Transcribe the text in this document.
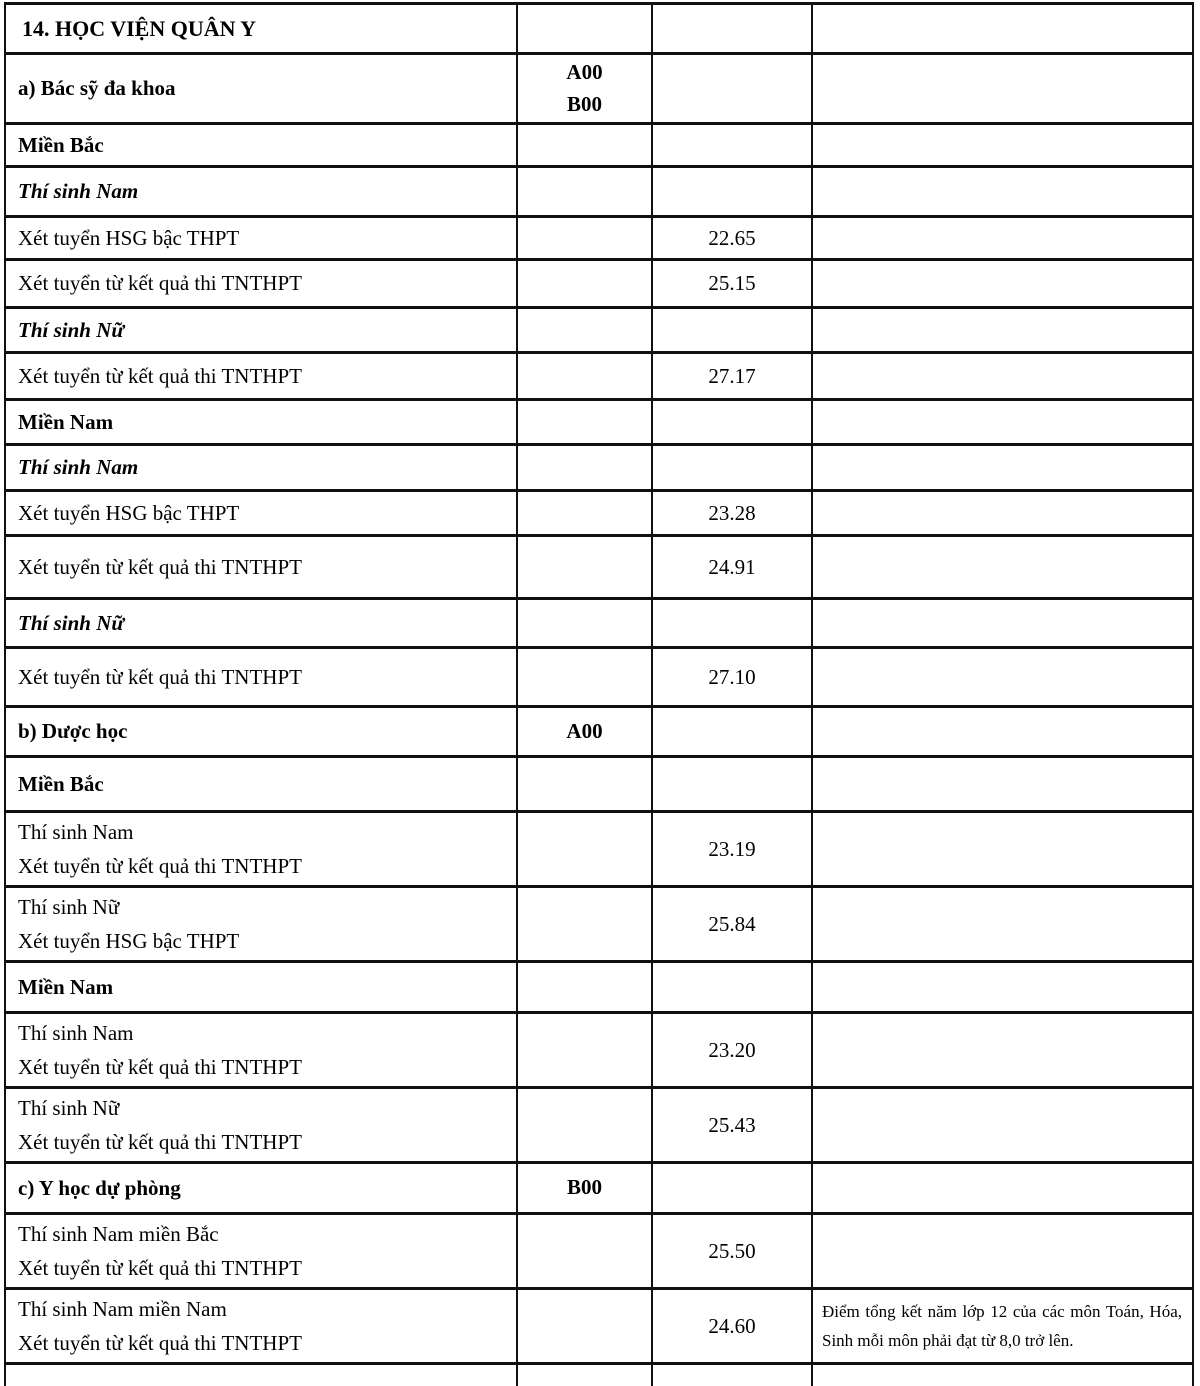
14. HỌC VIỆN QUÂN Y			

a) Bác sỹ đa khoa	A00
B00		

Miền Bắc			

Thí sinh Nam			

Xét tuyển HSG bậc THPT		22.65	

Xét tuyển từ kết quả thi TNTHPT		25.15	

Thí sinh Nữ			

Xét tuyển từ kết quả thi TNTHPT		27.17	

Miền Nam			

Thí sinh Nam			

Xét tuyển HSG bậc THPT		23.28	

Xét tuyển từ kết quả thi TNTHPT		24.91	

Thí sinh Nữ			

Xét tuyển từ kết quả thi TNTHPT		27.10	

b) Dược học	A00		

Miền Bắc			

Thí sinh Nam
Xét tuyển từ kết quả thi TNTHPT		23.19	

Thí sinh Nữ
Xét tuyển HSG bậc THPT		25.84	

Miền Nam			

Thí sinh Nam
Xét tuyển từ kết quả thi TNTHPT		23.20	

Thí sinh Nữ
Xét tuyển từ kết quả thi TNTHPT		25.43	

c) Y học dự phòng	B00		

Thí sinh Nam miền Bắc
Xét tuyển từ kết quả thi TNTHPT		25.50	

Thí sinh Nam miền Nam
Xét tuyển từ kết quả thi TNTHPT		24.60	Điểm tổng kết năm lớp 12 của các môn Toán, Hóa, Sinh mỗi môn phải đạt từ 8,0 trở lên.
